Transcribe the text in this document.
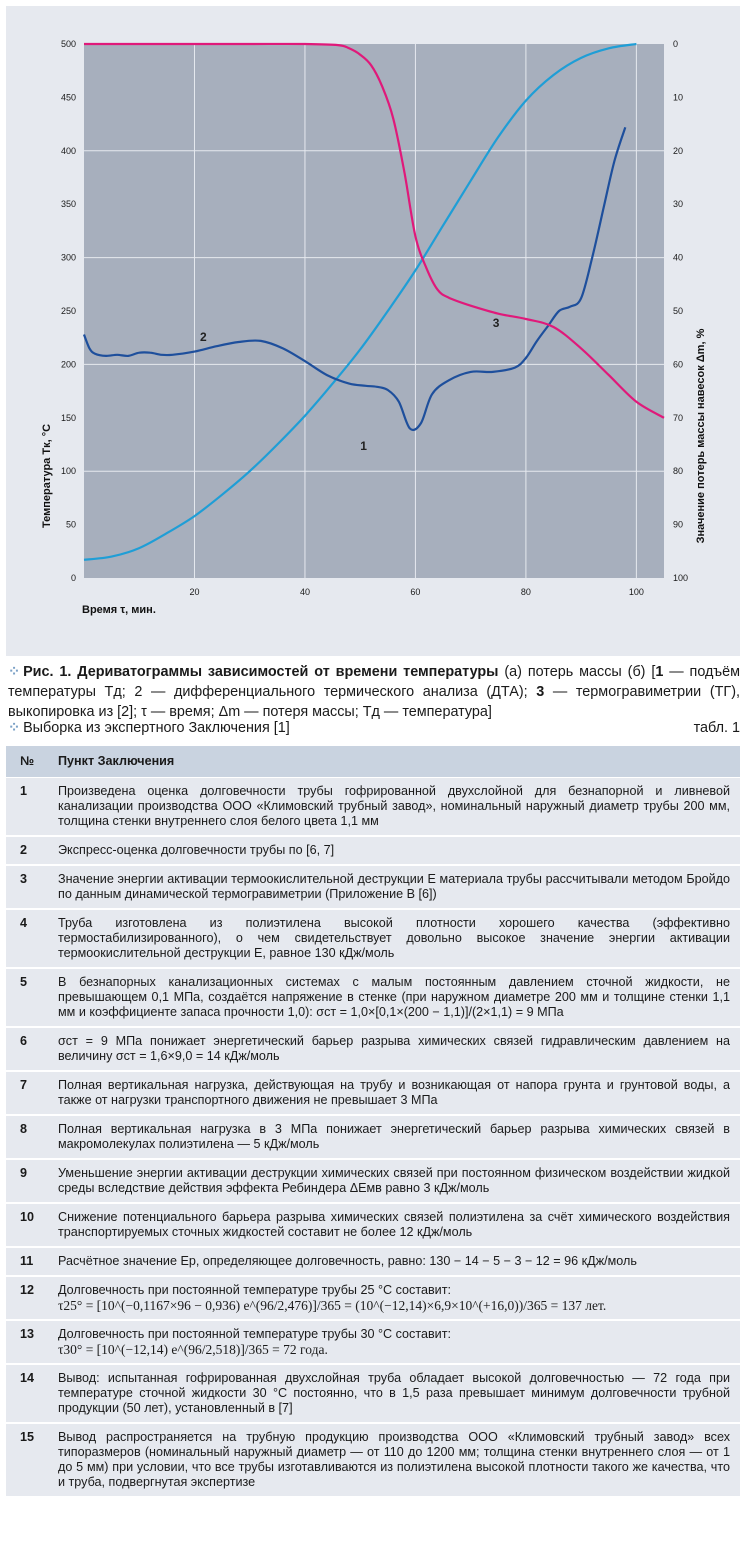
20	40	60	80	100
0
50
100
150
200
250
300
350
400
450
500	0
10
20
30
40
50
60
70
80
90
100
1
2
3
Время τ, мин.
Температура Tк, °C	Значение потерь массы навесок Δm, %
⁘ Рис. 1. Дериватограммы зависимостей от времени температуры (а) потерь массы (б) [1 — подъём температуры Tд; 2 — дифференциального термического анализа (ДТА); 3 — термогравиметрии (ТГ), выкопировка из [2]; τ — время; Δm — потеря массы; Tд — температура]
⁘ Выборка из экспертного Заключения [1]	табл. 1
№	Пункт Заключения
1	Произведена оценка долговечности трубы гофрированной двухслойной для безнапорной и ливневой канализации производства ООО «Климовский трубный завод», номинальный наружный диаметр трубы 200 мм, толщина стенки внутреннего слоя белого цвета 1,1 мм

2	Экспресс-оценка долговечности трубы по [6, 7]

3	Значение энергии активации термоокислительной деструкции E материала трубы рассчитывали методом Бройдо по данным динамической термогравиметрии (Приложение В [6])

4	Труба изготовлена из полиэтилена высокой плотности хорошего качества (эффективно термостабилизированного), о чем свидетельствует довольно высокое значение энергии активации термоокислительной деструкции E, равное 130 кДж/моль

5	В безнапорных канализационных системах с малым постоянным давлением сточной жидкости, не превышающем 0,1 МПа, создаётся напряжение в стенке (при наружном диаметре 200 мм и толщине стенки 1,1 мм и коэффициенте запаса прочности 1,0): σст = 1,0×[0,1×(200 − 1,1)]/(2×1,1) = 9 МПа

6	σст = 9 МПа понижает энергетический барьер разрыва химических связей гидравлическим давлением на величину σст = 1,6×9,0 = 14 кДж/моль

7	Полная вертикальная нагрузка, действующая на трубу и возникающая от напора грунта и грунтовой воды, а также от нагрузки транспортного движения не превышает 3 МПа

8	Полная вертикальная нагрузка в 3 МПа понижает энергетический барьер разрыва химических связей в макромолекулах полиэтилена — 5 кДж/моль

9	Уменьшение энергии активации деструкции химических связей при постоянном физическом воздействии жидкой среды вследствие действия эффекта Ребиндера ΔEмв равно 3 кДж/моль

10	Снижение потенциального барьера разрыва химических связей полиэтилена за счёт химического воздействия транспортируемых сточных жидкостей составит не более 12 кДж/моль

11	Расчётное значение Eр, определяющее долговечность, равно: 130 − 14 − 5 − 3 − 12 = 96 кДж/моль

12	Долговечность при постоянной температуре трубы 25 °C составит:
τ25° = [10^(−0,1167×96 − 0,936) e^(96/2,476)]/365 = (10^(−12,14)×6,9×10^(+16,0))/365 = 137 лет.

13	Долговечность при постоянной температуре трубы 30 °C составит:
τ30° = [10^(−12,14) e^(96/2,518)]/365 = 72 года.

14	Вывод: испытанная гофрированная двухслойная труба обладает высокой долговечностью — 72 года при температуре сточной жидкости 30 °C постоянно, что в 1,5 раза превышает минимум долговечности трубной продукции (50 лет), установленный в [7]

15	Вывод распространяется на трубную продукцию производства ООО «Климовский трубный завод» всех типоразмеров (номинальный наружный диаметр — от 110 до 1200 мм; толщина стенки внутреннего слоя — от 1 до 5 мм) при условии, что все трубы изготавливаются из полиэтилена высокой плотности такого же качества, что и труба, подвергнутая экспертизе
